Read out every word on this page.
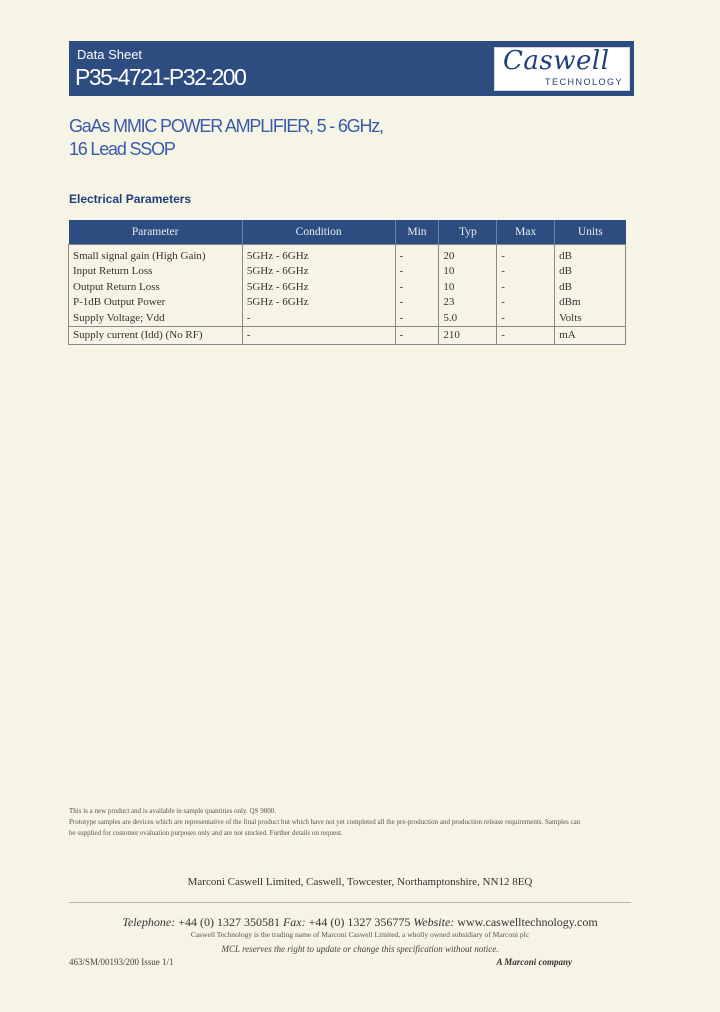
Data Sheet
P35-4721-P32-200
Caswell
TECHNOLOGY
GaAs MMIC POWER AMPLIFIER, 5 - 6GHz,
16 Lead SSOP
Electrical Parameters
Parameter	Condition	Min	Typ	Max	Units
Small signal gain (High Gain)	5GHz - 6GHz	-	20	-	dB
Input Return Loss	5GHz - 6GHz	-	10	-	dB
Output Return Loss	5GHz - 6GHz	-	10	-	dB
P-1dB Output Power	5GHz - 6GHz	-	23	-	dBm
Supply Voltage; Vdd	-	-	5.0	-	Volts
Supply current (Idd) (No RF)	-	-	210	-	mA
This is a new product and is available in sample quantities only. QS 9000.
Prototype samples are devices which are representative of the final product but which have not yet completed all the pre-production and production release requirements. Samples can
be supplied for customer evaluation purposes only and are not stocked. Further details on request.
Marconi Caswell Limited, Caswell, Towcester, Northamptonshire, NN12 8EQ
Telephone: +44 (0) 1327 350581 Fax: +44 (0) 1327 356775 Website: www.caswelltechnology.com
Caswell Technology is the trading name of Marconi Caswell Limited, a wholly owned subsidiary of Marconi plc
MCL reserves the right to update or change this specification without notice.
463/SM/00193/200 Issue 1/1	A Marconi company
